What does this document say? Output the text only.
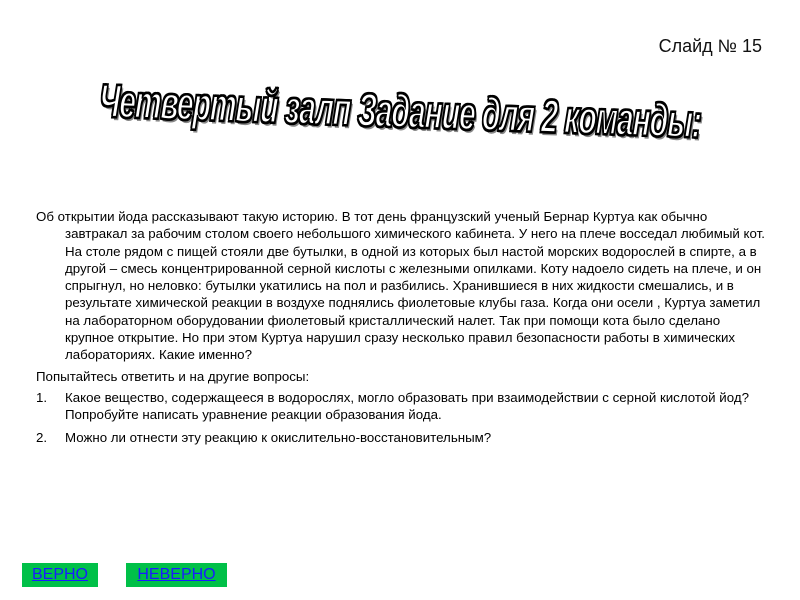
Слайд № 15
Четвертый залп Задание для 2 команды:

Об открытии йода рассказывают такую историю. В тот день французский ученый Бернар Куртуа как обычно завтракал за рабочим столом своего небольшого химического кабинета. У него на плече восседал любимый кот. На столе рядом с пищей стояли две бутылки, в одной из которых был настой морских водорослей в спирте, а в другой – смесь концентрированной серной кислоты с железными опилками. Коту надоело сидеть на плече, и он спрыгнул, но неловко: бутылки укатились на пол и разбились. Хранившиеся в них жидкости смешались, и в результате химической реакции в воздухе поднялись фиолетовые клубы газа. Когда они осели , Куртуа заметил на лабораторном оборудовании фиолетовый кристаллический налет. Так при помощи кота было сделано крупное открытие. Но при этом Куртуа нарушил сразу несколько правил безопасности работы в химических лабораториях. Какие именно?

Попытайтесь ответить и на другие вопросы:

1.	Какое вещество, содержащееся в водорослях, могло образовать при взаимодействии с серной кислотой йод? Попробуйте написать уравнение реакции образования йода.
2.	Можно ли отнести эту реакцию к окислительно-восстановительным?
ВЕРНО	НЕВЕРНО
